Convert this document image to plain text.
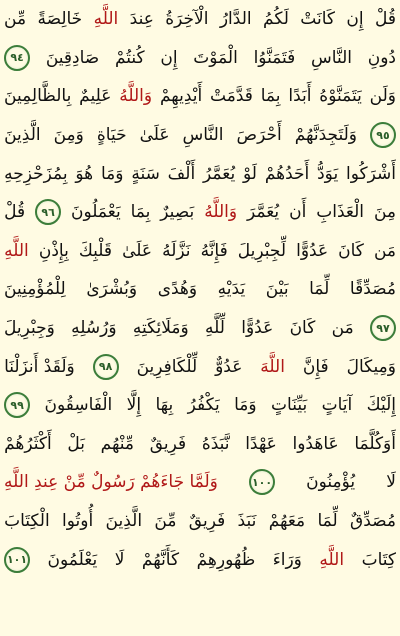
قُلْ
إِن
كَانَتْ
لَكُمُ
الدَّارُ
الْآخِرَةُ
عِندَ
اللَّهِ
خَالِصَةً
مِّن
دُونِ
النَّاسِ
فَتَمَنَّوُا
الْمَوْتَ
إِن
كُنتُمْ
صَادِقِينَ
٩٤
وَلَن
يَتَمَنَّوْهُ
أَبَدًا
بِمَا
قَدَّمَتْ
أَيْدِيهِمْ
وَاللَّهُ
عَلِيمٌ
بِالظَّالِمِينَ
٩٥
وَلَتَجِدَنَّهُمْ
أَحْرَصَ
النَّاسِ
عَلَىٰ
حَيَاةٍ
وَمِنَ
الَّذِينَ
أَشْرَكُوا
يَوَدُّ
أَحَدُهُمْ
لَوْ
يُعَمَّرُ
أَلْفَ
سَنَةٍ
وَمَا
هُوَ
بِمُزَحْزِحِهِ
مِنَ
الْعَذَابِ
أَن
يُعَمَّرَ
وَاللَّهُ
بَصِيرٌ
بِمَا
يَعْمَلُونَ
٩٦
قُلْ
مَن
كَانَ
عَدُوًّا
لِّجِبْرِيلَ
فَإِنَّهُ
نَزَّلَهُ
عَلَىٰ
قَلْبِكَ
بِإِذْنِ
اللَّهِ
مُصَدِّقًا
لِّمَا
بَيْنَ
يَدَيْهِ
وَهُدًى
وَبُشْرَىٰ
لِلْمُؤْمِنِينَ
٩٧
مَن
كَانَ
عَدُوًّا
لِّلَّهِ
وَمَلَائِكَتِهِ
وَرُسُلِهِ
وَجِبْرِيلَ
وَمِيكَالَ
فَإِنَّ
اللَّهَ
عَدُوٌّ
لِّلْكَافِرِينَ
٩٨
وَلَقَدْ أَنزَلْنَا
إِلَيْكَ
آيَاتٍ
بَيِّنَاتٍ
وَمَا
يَكْفُرُ
بِهَا
إِلَّا
الْفَاسِقُونَ
٩٩
أَوَكُلَّمَا
عَاهَدُوا
عَهْدًا
نَّبَذَهُ
فَرِيقٌ
مِّنْهُم
بَلْ
أَكْثَرُهُمْ
لَا
يُؤْمِنُونَ
١٠٠
وَلَمَّا جَاءَهُمْ رَسُولٌ مِّنْ عِندِ اللَّهِ
مُصَدِّقٌ
لِّمَا
مَعَهُمْ
نَبَذَ
فَرِيقٌ
مِّنَ
الَّذِينَ
أُوتُوا
الْكِتَابَ
كِتَابَ
اللَّهِ
وَرَاءَ
ظُهُورِهِمْ
كَأَنَّهُمْ
لَا
يَعْلَمُونَ
١٠١
